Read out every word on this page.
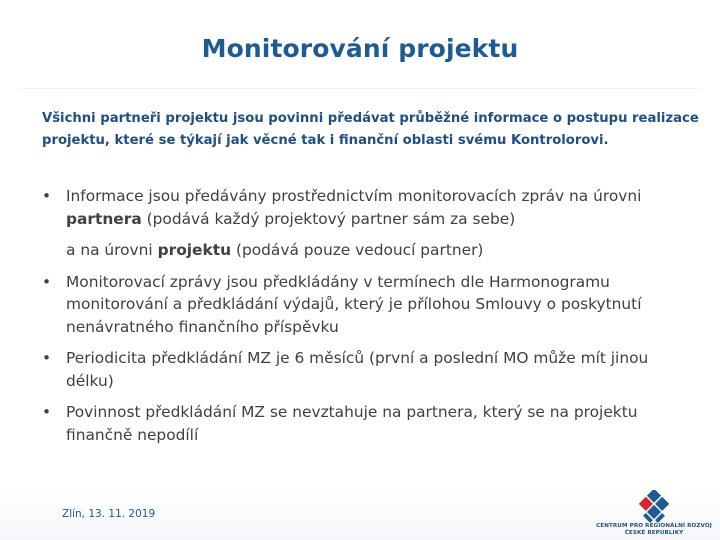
Monitorování projektu
Všichni partneři projektu jsou povinni předávat průběžné informace o postupu realizace projektu, které se týkají jak věcné tak i finanční oblasti svému Kontrolorovi.
• Informace jsou předávány prostřednictvím monitorovacích zpráv na úrovni partnera (podává každý projektový partner sám za sebe)
a na úrovni projektu (podává pouze vedoucí partner)
• Monitorovací zprávy jsou předkládány v termínech dle Harmonogramu monitorování a předkládání výdajů, který je přílohou Smlouvy o poskytnutí nenávratného finančního příspěvku
• Periodicita předkládání MZ je 6 měsíců (první a poslední MO může mít jinou délku)
• Povinnost předkládání MZ se nevztahuje na partnera, který se na projektu finančně nepodílí
Zlín, 13. 11. 2019
CENTRUM PRO REGIONÁLNÍ ROZVOJ
ČESKÉ REPUBLIKY
